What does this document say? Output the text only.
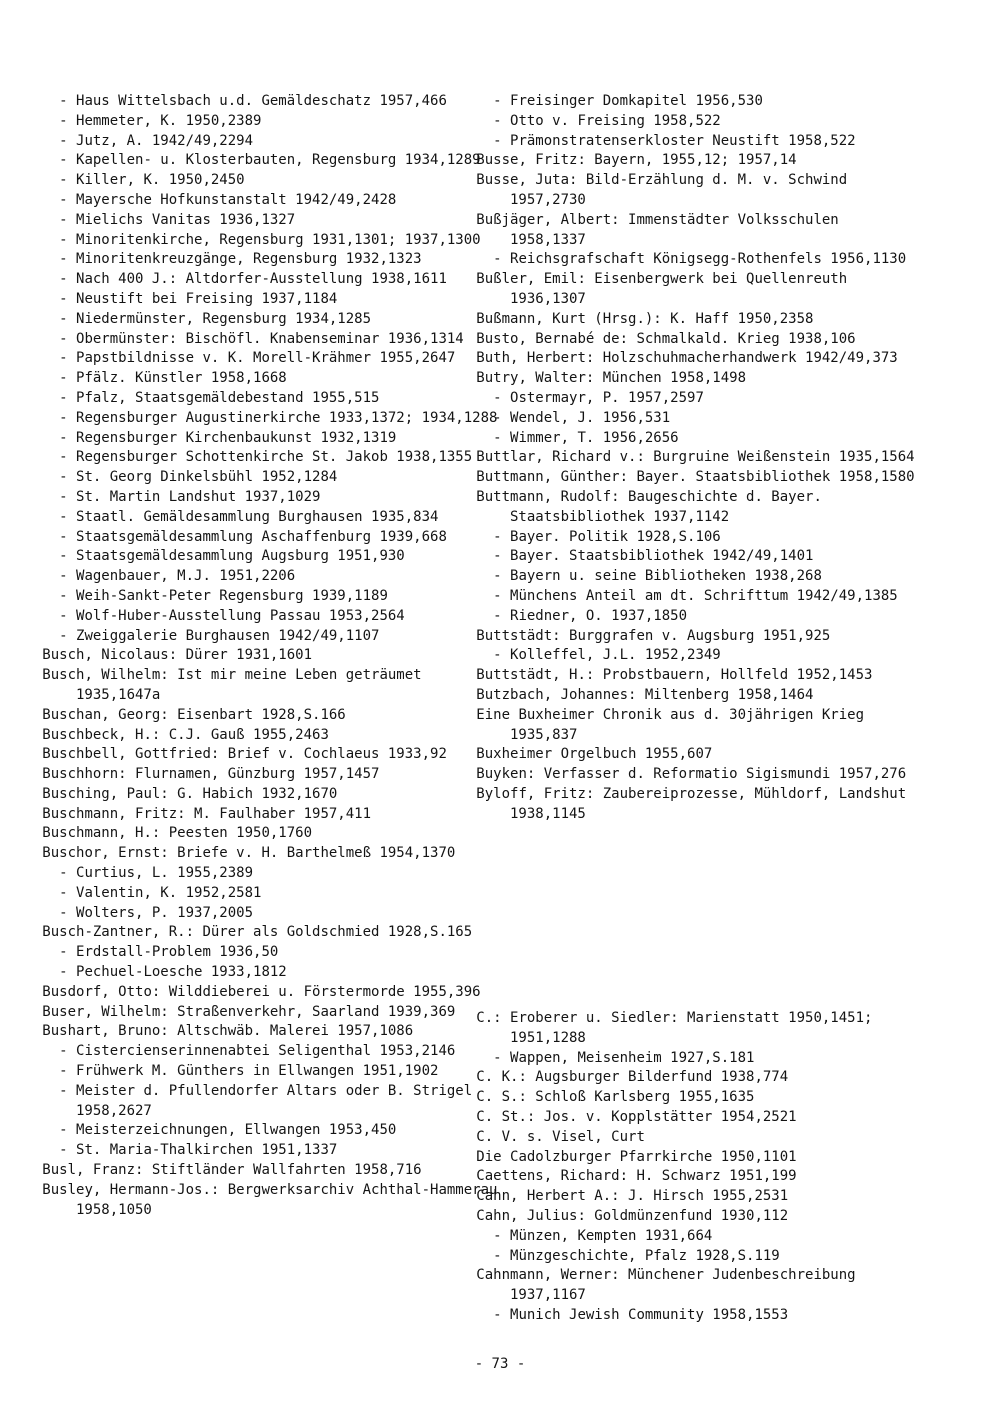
- Haus Wittelsbach u.d. Gemäldeschatz 1957,466
- Hemmeter, K. 1950,2389
- Jutz, A. 1942/49,2294
- Kapellen- u. Klosterbauten, Regensburg 1934,1289
- Killer, K. 1950,2450
- Mayersche Hofkunstanstalt 1942/49,2428
- Mielichs Vanitas 1936,1327
- Minoritenkirche, Regensburg 1931,1301; 1937,1300
- Minoritenkreuzgänge, Regensburg 1932,1323
- Nach 400 J.: Altdorfer-Ausstellung 1938,1611
- Neustift bei Freising 1937,1184
- Niedermünster, Regensburg 1934,1285
- Obermünster: Bischöfl. Knabenseminar 1936,1314
- Papstbildnisse v. K. Morell-Krähmer 1955,2647
- Pfälz. Künstler 1958,1668
- Pfalz, Staatsgemäldebestand 1955,515
- Regensburger Augustinerkirche 1933,1372; 1934,1288
- Regensburger Kirchenbaukunst 1932,1319
- Regensburger Schottenkirche St. Jakob 1938,1355
- St. Georg Dinkelsbühl 1952,1284
- St. Martin Landshut 1937,1029
- Staatl. Gemäldesammlung Burghausen 1935,834
- Staatsgemäldesammlung Aschaffenburg 1939,668
- Staatsgemäldesammlung Augsburg 1951,930
- Wagenbauer, M.J. 1951,2206
- Weih-Sankt-Peter Regensburg 1939,1189
- Wolf-Huber-Ausstellung Passau 1953,2564
- Zweiggalerie Burghausen 1942/49,1107
Busch, Nicolaus: Dürer 1931,1601
Busch, Wilhelm: Ist mir meine Leben geträumet 1935,1647a
Buschan, Georg: Eisenbart 1928,S.166
Buschbeck, H.: C.J. Gauß 1955,2463
Buschbell, Gottfried: Brief v. Cochlaeus 1933,92
Buschhorn: Flurnamen, Günzburg 1957,1457
Busching, Paul: G. Habich 1932,1670
Buschmann, Fritz: M. Faulhaber 1957,411
Buschmann, H.: Peesten 1950,1760
Buschor, Ernst: Briefe v. H. Barthelmeß 1954,1370
- Curtius, L. 1955,2389
- Valentin, K. 1952,2581
- Wolters, P. 1937,2005
Busch-Zantner, R.: Dürer als Goldschmied 1928,S.165
- Erdstall-Problem 1936,50
- Pechuel-Loesche 1933,1812
Busdorf, Otto: Wilddieberei u. Förstermorde 1955,396
Buser, Wilhelm: Straßenverkehr, Saarland 1939,369
Bushart, Bruno: Altschwäb. Malerei 1957,1086
- Cistercienserinnenabtei Seligenthal 1953,2146
- Frühwerk M. Günthers in Ellwangen 1951,1902
- Meister d. Pfullendorfer Altars oder B. Strigel 1958,2627
- Meisterzeichnungen, Ellwangen 1953,450
- St. Maria-Thalkirchen 1951,1337
Busl, Franz: Stiftländer Wallfahrten 1958,716
Busley, Hermann-Jos.: Bergwerksarchiv Achthal-Hammerau 1958,1050
- Freisinger Domkapitel 1956,530
- Otto v. Freising 1958,522
- Prämonstratenserkloster Neustift 1958,522
Busse, Fritz: Bayern, 1955,12; 1957,14
Busse, Juta: Bild-Erzählung d. M. v. Schwind 1957,2730
Bußjäger, Albert: Immenstädter Volksschulen 1958,1337
- Reichsgrafschaft Königsegg-Rothenfels 1956,1130
Bußler, Emil: Eisenbergwerk bei Quellenreuth 1936,1307
Bußmann, Kurt (Hrsg.): K. Haff 1950,2358
Busto, Bernabé de: Schmalkald. Krieg 1938,106
Buth, Herbert: Holzschuhmacherhandwerk 1942/49,373
Butry, Walter: München 1958,1498
- Ostermayr, P. 1957,2597
- Wendel, J. 1956,531
- Wimmer, T. 1956,2656
Buttlar, Richard v.: Burgruine Weißenstein 1935,1564
Buttmann, Günther: Bayer. Staatsbibliothek 1958,1580
Buttmann, Rudolf: Baugeschichte d. Bayer. Staatsbibliothek 1937,1142
- Bayer. Politik 1928,S.106
- Bayer. Staatsbibliothek 1942/49,1401
- Bayern u. seine Bibliotheken 1938,268
- Münchens Anteil am dt. Schrifttum 1942/49,1385
- Riedner, O. 1937,1850
Buttstädt: Burggrafen v. Augsburg 1951,925
- Kolleffel, J.L. 1952,2349
Buttstädt, H.: Probstbauern, Hollfeld 1952,1453
Butzbach, Johannes: Miltenberg 1958,1464
Eine Buxheimer Chronik aus d. 30jährigen Krieg 1935,837
Buxheimer Orgelbuch 1955,607
Buyken: Verfasser d. Reformatio Sigismundi 1957,276
Byloff, Fritz: Zaubereiprozesse, Mühldorf, Landshut 1938,1145
C.: Eroberer u. Siedler: Marienstatt 1950,1451; 1951,1288
- Wappen, Meisenheim 1927,S.181
C. K.: Augsburger Bilderfund 1938,774
C. S.: Schloß Karlsberg 1955,1635
C. St.: Jos. v. Kopplstätter 1954,2521
C. V. s. Visel, Curt
Die Cadolzburger Pfarrkirche 1950,1101
Caettens, Richard: H. Schwarz 1951,199
Cahn, Herbert A.: J. Hirsch 1955,2531
Cahn, Julius: Goldmünzenfund 1930,112
- Münzen, Kempten 1931,664
- Münzgeschichte, Pfalz 1928,S.119
Cahnmann, Werner: Münchener Judenbeschreibung 1937,1167
- Munich Jewish Community 1958,1553
- 73 -
